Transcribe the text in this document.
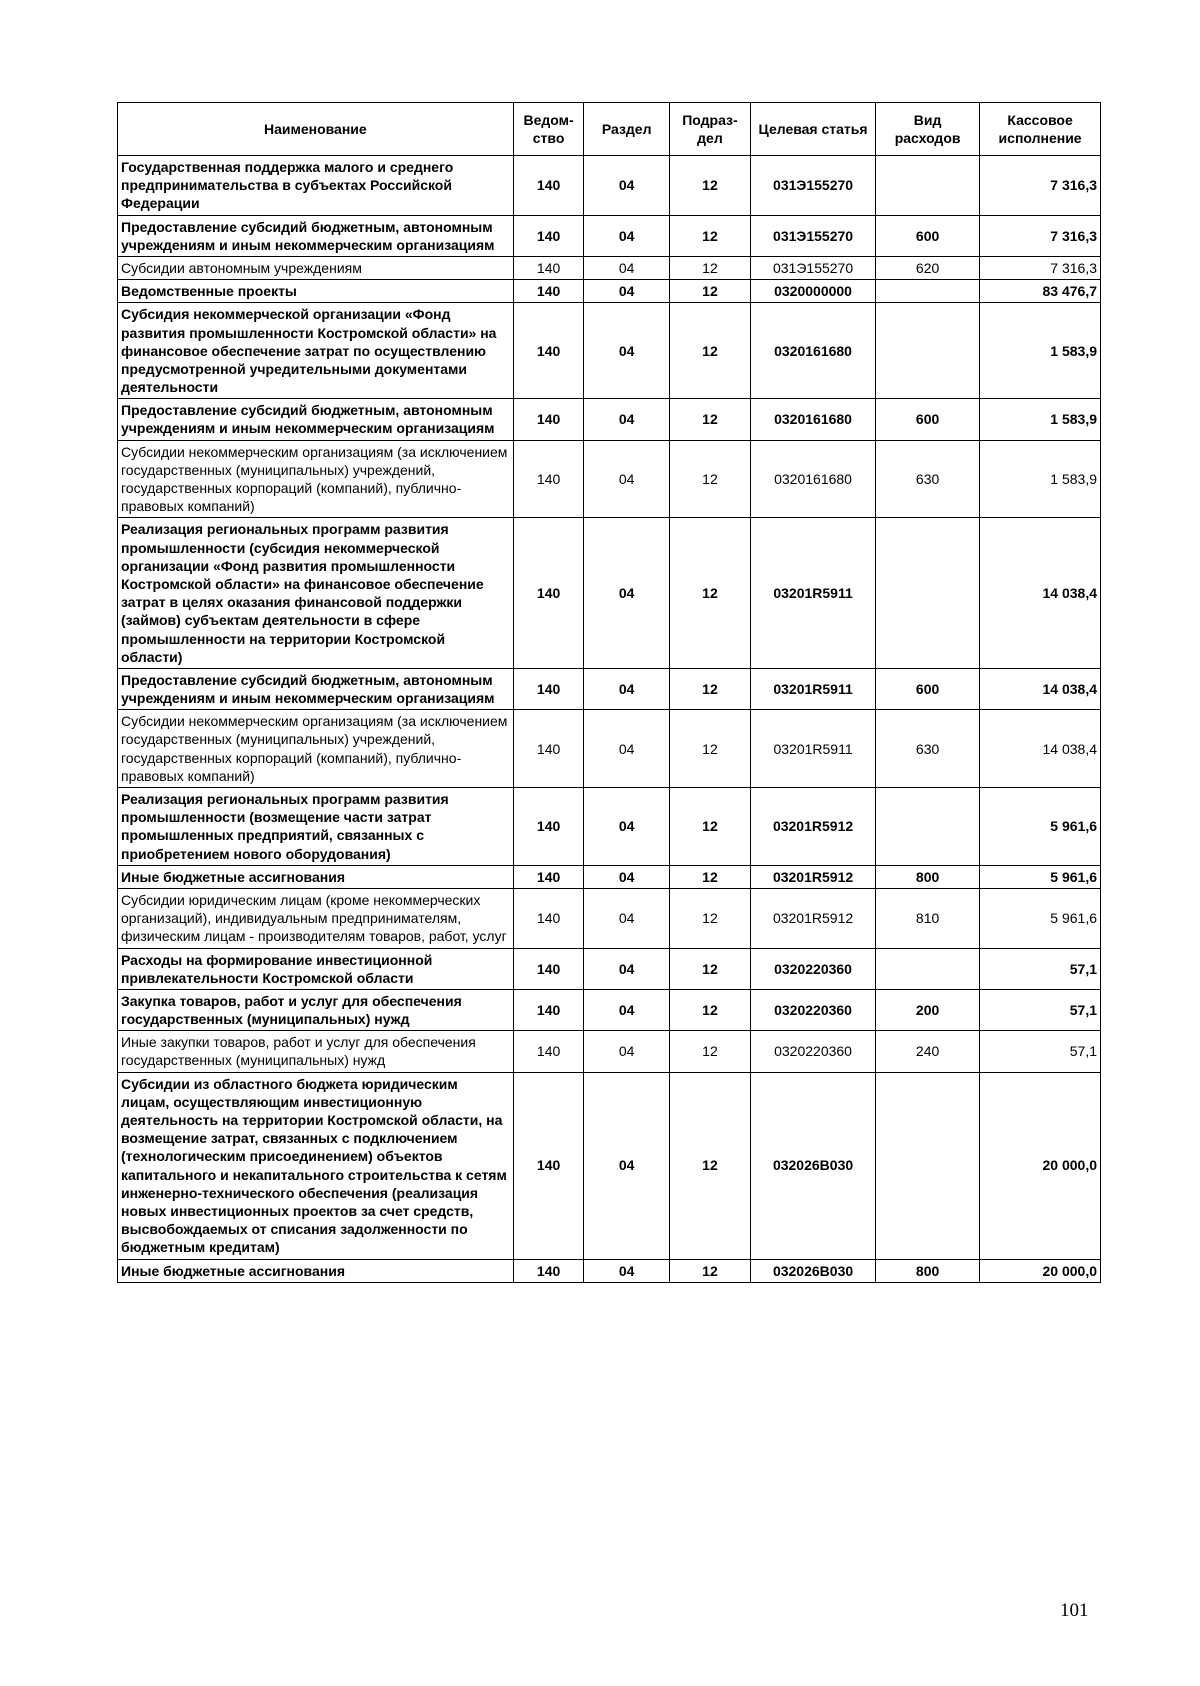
Наименование	Ведом-ство	Раздел	Подраз-дел	Целевая статья	Вид расходов	Кассовое исполнение
Государственная поддержка малого и среднего предпринимательства в субъектах Российской Федерации	140	04	12	031Э155270		7 316,3
Предоставление субсидий бюджетным, автономным учреждениям и иным некоммерческим организациям	140	04	12	031Э155270	600	7 316,3
Субсидии автономным учреждениям	140	04	12	031Э155270	620	7 316,3
Ведомственные проекты	140	04	12	0320000000		83 476,7
Субсидия некоммерческой организации «Фонд развития промышленности Костромской области» на финансовое обеспечение затрат по осуществлению предусмотренной учредительными документами деятельности	140	04	12	0320161680		1 583,9
Предоставление субсидий бюджетным, автономным учреждениям и иным некоммерческим организациям	140	04	12	0320161680	600	1 583,9
Субсидии некоммерческим организациям (за исключением государственных (муниципальных) учреждений, государственных корпораций (компаний), публично-правовых компаний)	140	04	12	0320161680	630	1 583,9
Реализация региональных программ развития промышленности (субсидия некоммерческой организации «Фонд развития промышленности Костромской области» на финансовое обеспечение затрат в целях оказания финансовой поддержки (займов) субъектам деятельности в сфере промышленности на территории Костромской области)	140	04	12	03201R5911		14 038,4
Предоставление субсидий бюджетным, автономным учреждениям и иным некоммерческим организациям	140	04	12	03201R5911	600	14 038,4
Субсидии некоммерческим организациям (за исключением государственных (муниципальных) учреждений, государственных корпораций (компаний), публично-правовых компаний)	140	04	12	03201R5911	630	14 038,4
Реализация региональных программ развития промышленности (возмещение части затрат промышленных предприятий, связанных с приобретением нового оборудования)	140	04	12	03201R5912		5 961,6
Иные бюджетные ассигнования	140	04	12	03201R5912	800	5 961,6
Субсидии юридическим лицам (кроме некоммерческих организаций), индивидуальным предпринимателям, физическим лицам - производителям товаров, работ, услуг	140	04	12	03201R5912	810	5 961,6
Расходы на формирование инвестиционной привлекательности Костромской области	140	04	12	0320220360		57,1
Закупка товаров, работ и услуг для обеспечения государственных (муниципальных) нужд	140	04	12	0320220360	200	57,1
Иные закупки товаров, работ и услуг для обеспечения государственных (муниципальных) нужд	140	04	12	0320220360	240	57,1
Субсидии из областного бюджета юридическим лицам, осуществляющим инвестиционную деятельность на территории Костромской области, на возмещение затрат, связанных с подключением (технологическим присоединением) объектов капитального и некапитального строительства к сетям инженерно-технического обеспечения (реализация новых инвестиционных проектов за счет средств, высвобождаемых от списания задолженности по бюджетным кредитам)	140	04	12	032026B030		20 000,0
Иные бюджетные ассигнования	140	04	12	032026B030	800	20 000,0
101
